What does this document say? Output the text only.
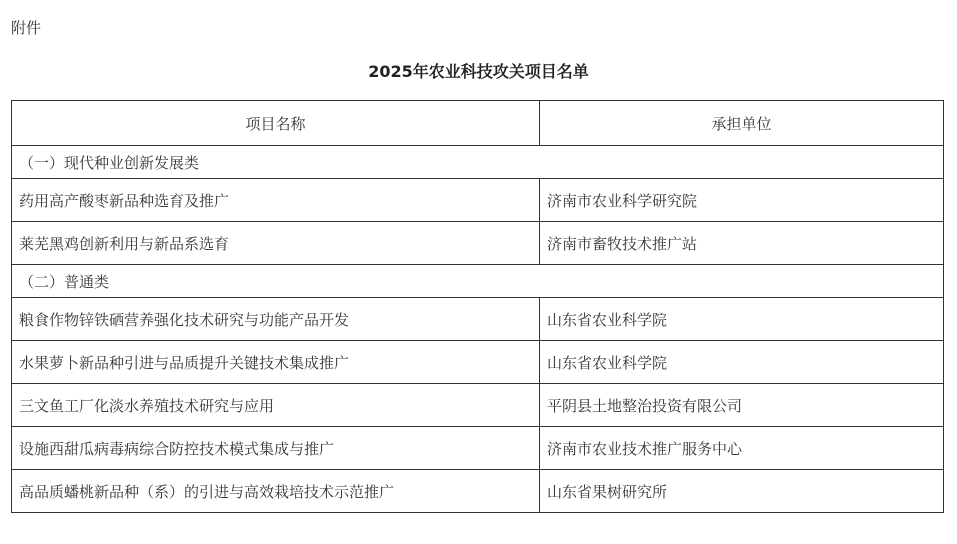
附件
2025年农业科技攻关项目名单
项目名称	承担单位
（一）现代种业创新发展类	
药用高产酸枣新品种选育及推广	济南市农业科学研究院
莱芜黑鸡创新利用与新品系选育	济南市畜牧技术推广站
（二）普通类	
粮食作物锌铁硒营养强化技术研究与功能产品开发	山东省农业科学院
水果萝卜新品种引进与品质提升关键技术集成推广	山东省农业科学院
三文鱼工厂化淡水养殖技术研究与应用	平阴县土地整治投资有限公司
设施西甜瓜病毒病综合防控技术模式集成与推广	济南市农业技术推广服务中心
高品质蟠桃新品种（系）的引进与高效栽培技术示范推广	山东省果树研究所
